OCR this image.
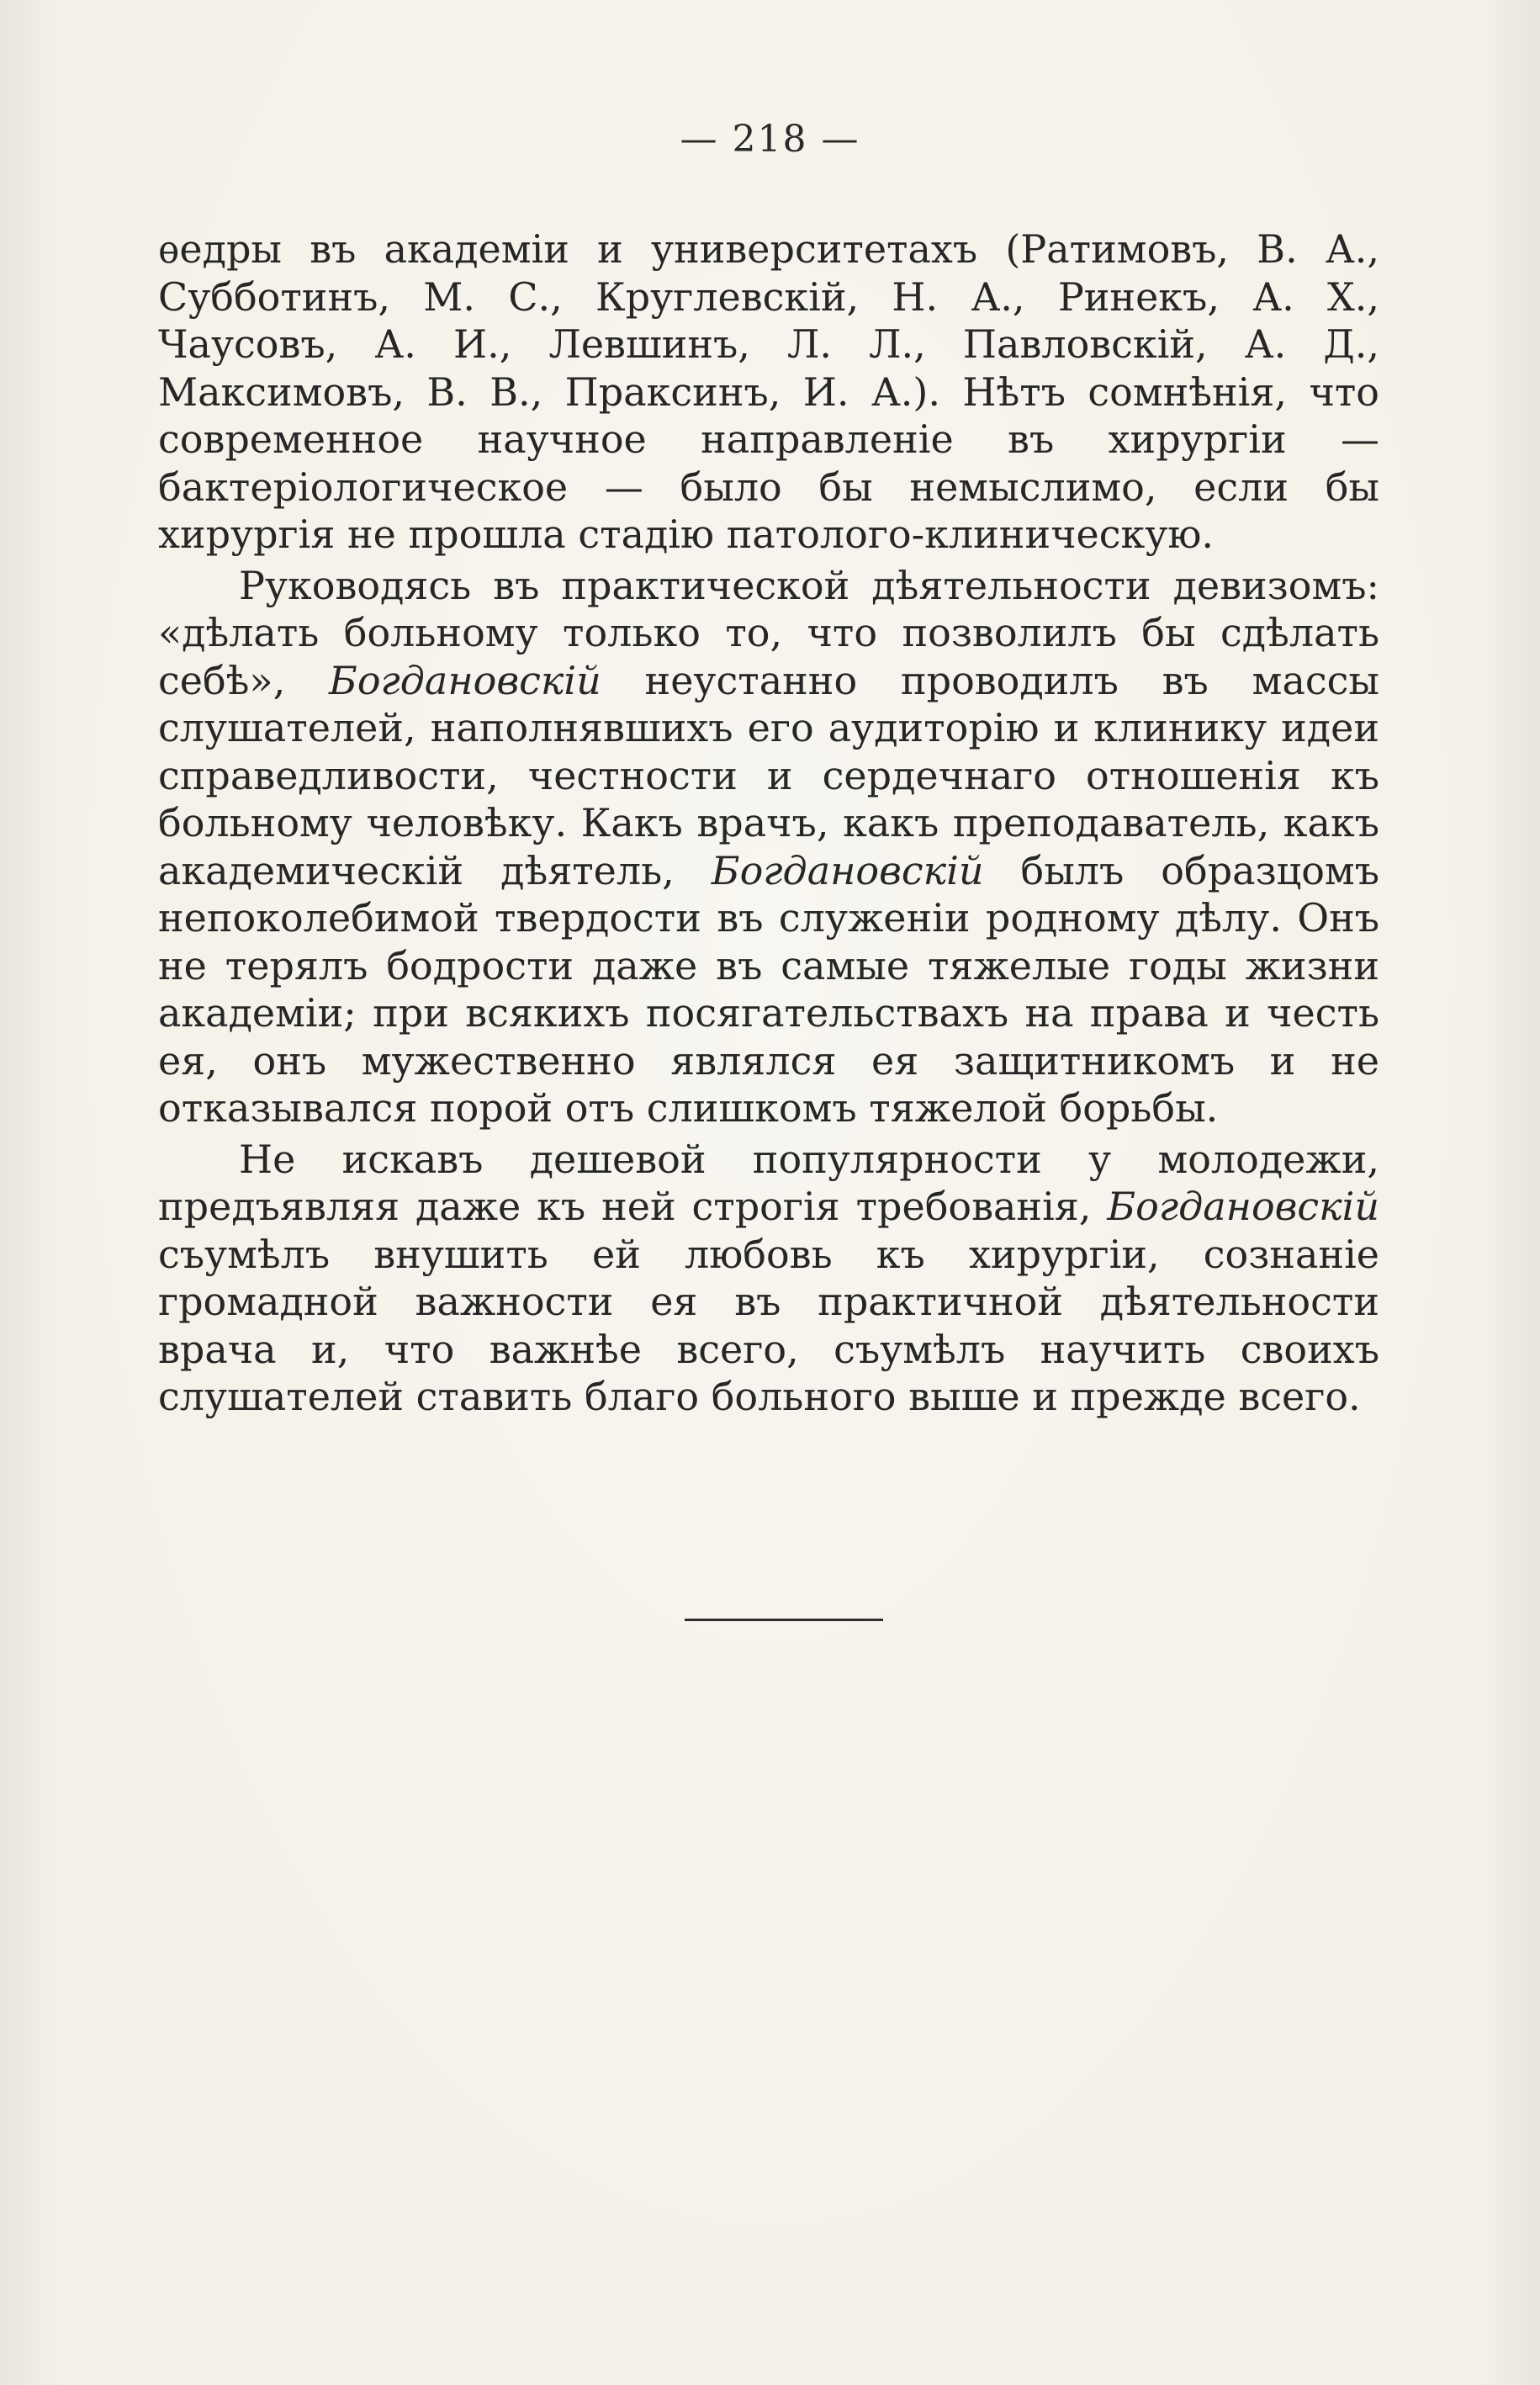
— 218 —

ѳедры въ академіи и университетахъ (Ратимовъ, В. А., Субботинъ, М. С., Круглевскій, Н. А., Ринекъ, А. Х., Чаусовъ, А. И., Левшинъ, Л. Л., Павловскій, А. Д., Максимовъ, В. В., Праксинъ, И. А.). Нѣтъ сомнѣнія, что современное научное направленіе въ хирургіи — бактеріологическое — было бы немыслимо, если бы хирургія не прошла стадію патолого-клиническую.

Руководясь въ практической дѣятельности девизомъ: «дѣлать больному только то, что позволилъ бы сдѣлать себѣ», Богдановскій неустанно проводилъ въ массы слушателей, наполнявшихъ его аудиторію и клинику идеи справедливости, честности и сердечнаго отношенія къ больному человѣку. Какъ врачъ, какъ преподаватель, какъ академическій дѣятель, Богдановскій былъ образцомъ непоколебимой твердости въ служеніи родному дѣлу. Онъ не терялъ бодрости даже въ самые тяжелые годы жизни академіи; при всякихъ посягательствахъ на права и честь ея, онъ мужественно являлся ея защитникомъ и не отказывался порой отъ слишкомъ тяжелой борьбы.

Не искавъ дешевой популярности у молодежи, предъявляя даже къ ней строгія требованія, Богдановскій съумѣлъ внушить ей любовь къ хирургіи, сознаніе громадной важности ея въ практичной дѣятельности врача и, что важнѣе всего, съумѣлъ научить своихъ слушателей ставить благо больного выше и прежде всего.
